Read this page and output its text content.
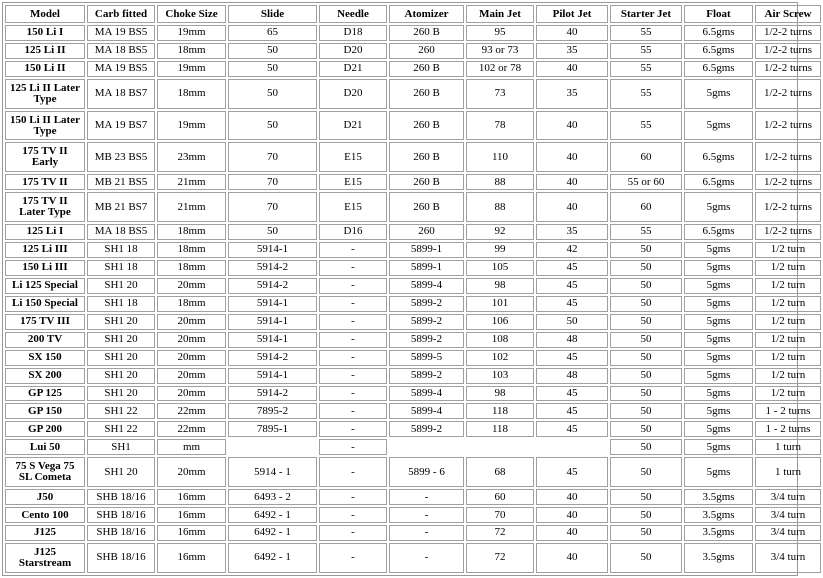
Model	Carb fitted	Choke Size	Slide	Needle	Atomizer	Main Jet	Pilot Jet	Starter Jet	Float	Air Screw
150 Li I	MA 19 BS5	19mm	65	D18	260 B	95	40	55	6.5gms	1/2-2 turns
125 Li II	MA 18 BS5	18mm	50	D20	260	93 or 73	35	55	6.5gms	1/2-2 turns
150 Li II	MA 19 BS5	19mm	50	D21	260 B	102 or 78	40	55	6.5gms	1/2-2 turns
125 Li II Later Type	MA 18 BS7	18mm	50	D20	260 B	73	35	55	5gms	1/2-2 turns
150 Li II Later Type	MA 19 BS7	19mm	50	D21	260 B	78	40	55	5gms	1/2-2 turns
175 TV II Early	MB 23 BS5	23mm	70	E15	260 B	110	40	60	6.5gms	1/2-2 turns
175 TV II	MB 21 BS5	21mm	70	E15	260 B	88	40	55 or 60	6.5gms	1/2-2 turns
175 TV II Later Type	MB 21 BS7	21mm	70	E15	260 B	88	40	60	5gms	1/2-2 turns
125 Li I	MA 18 BS5	18mm	50	D16	260	92	35	55	6.5gms	1/2-2 turns
125 Li III	SH1 18	18mm	5914-1	-	5899-1	99	42	50	5gms	1/2 turn
150 Li III	SH1 18	18mm	5914-2	-	5899-1	105	45	50	5gms	1/2 turn
Li 125 Special	SH1 20	20mm	5914-2	-	5899-4	98	45	50	5gms	1/2 turn
Li 150 Special	SH1 18	18mm	5914-1	-	5899-2	101	45	50	5gms	1/2 turn
175 TV III	SH1 20	20mm	5914-1	-	5899-2	106	50	50	5gms	1/2 turn
200 TV	SH1 20	20mm	5914-1	-	5899-2	108	48	50	5gms	1/2 turn
SX 150	SH1 20	20mm	5914-2	-	5899-5	102	45	50	5gms	1/2 turn
SX 200	SH1 20	20mm	5914-1	-	5899-2	103	48	50	5gms	1/2 turn
GP 125	SH1 20	20mm	5914-2	-	5899-4	98	45	50	5gms	1/2 turn
GP 150	SH1 22	22mm	7895-2	-	5899-4	118	45	50	5gms	1 - 2 turns
GP 200	SH1 22	22mm	7895-1	-	5899-2	118	45	50	5gms	1 - 2 turns
Lui 50	SH1	mm		-				50	5gms	1 turn
75 S Vega 75 SL Cometa	SH1 20	20mm	5914 - 1	-	5899 - 6	68	45	50	5gms	1 turn
J50	SHB 18/16	16mm	6493 - 2	-	-	60	40	50	3.5gms	3/4 turn
Cento 100	SHB 18/16	16mm	6492 - 1	-	-	70	40	50	3.5gms	3/4 turn
J125	SHB 18/16	16mm	6492 - 1	-	-	72	40	50	3.5gms	3/4 turn
J125 Starstream	SHB 18/16	16mm	6492 - 1	-	-	72	40	50	3.5gms	3/4 turn
